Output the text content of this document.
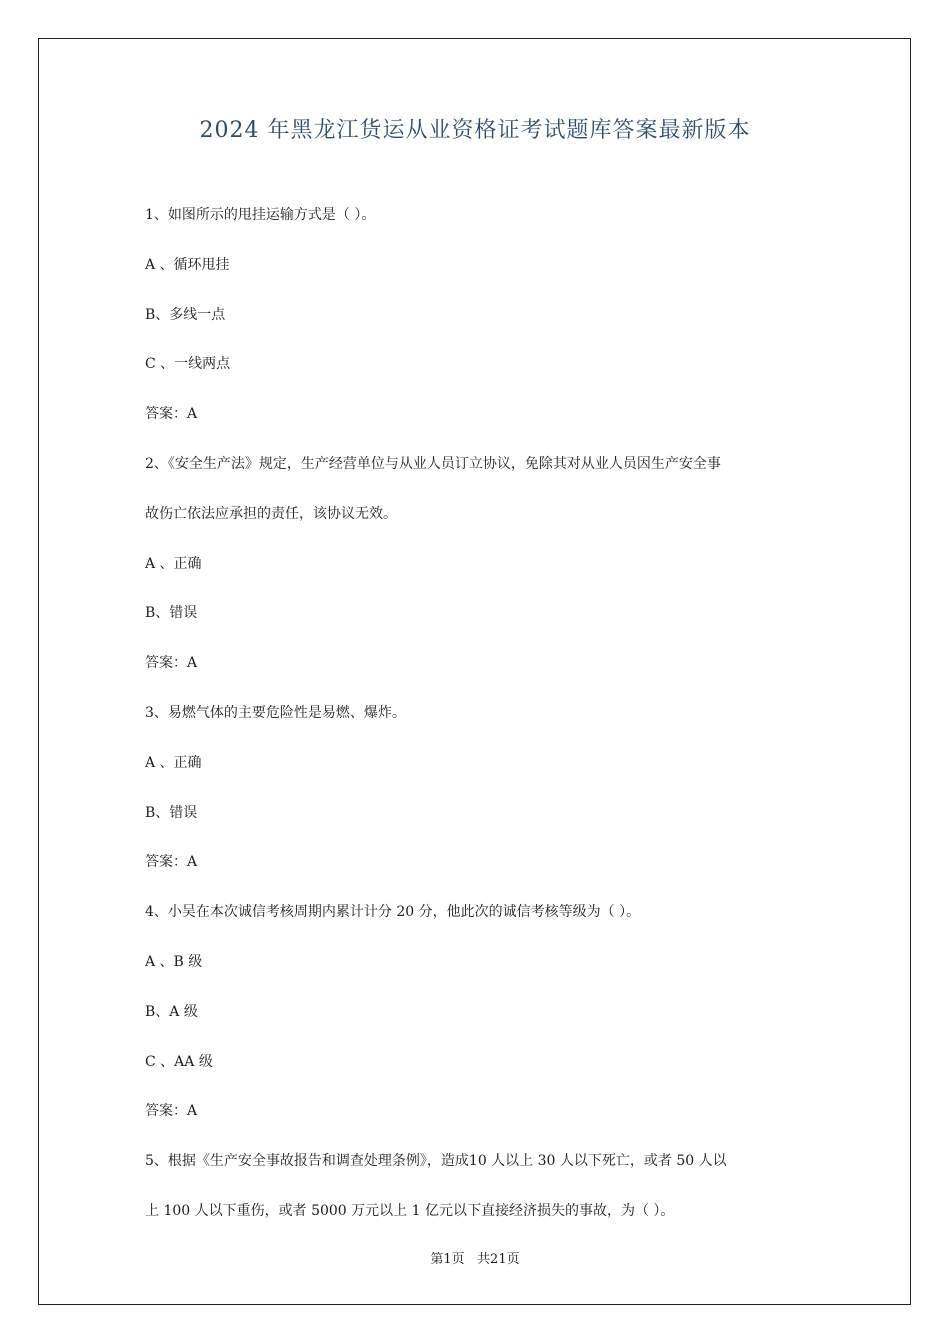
2024 年黑龙江货运从业资格证考试题库答案最新版本
1、如图所示的甩挂运输方式是（ ）。
A 、循环甩挂
B、多线一点
C 、一线两点
答案：A
2、《安全生产法》规定，生产经营单位与从业人员订立协议，免除其对从业人员因生产安全事
故伤亡依法应承担的责任，该协议无效。
A 、正确
B、错误
答案：A
3、易燃气体的主要危险性是易燃、爆炸。
A 、正确
B、错误
答案：A
4、小吴在本次诚信考核周期内累计计分 20 分，他此次的诚信考核等级为（ ）。
A 、B 级
B、A 级
C 、AA 级
答案：A
5、根据《生产安全事故报告和调查处理条例》，造成10 人以上 30 人以下死亡，或者 50 人以
上 100 人以下重伤，或者 5000 万元以上 1 亿元以下直接经济损失的事故，为（ ）。
第1页   共21页
